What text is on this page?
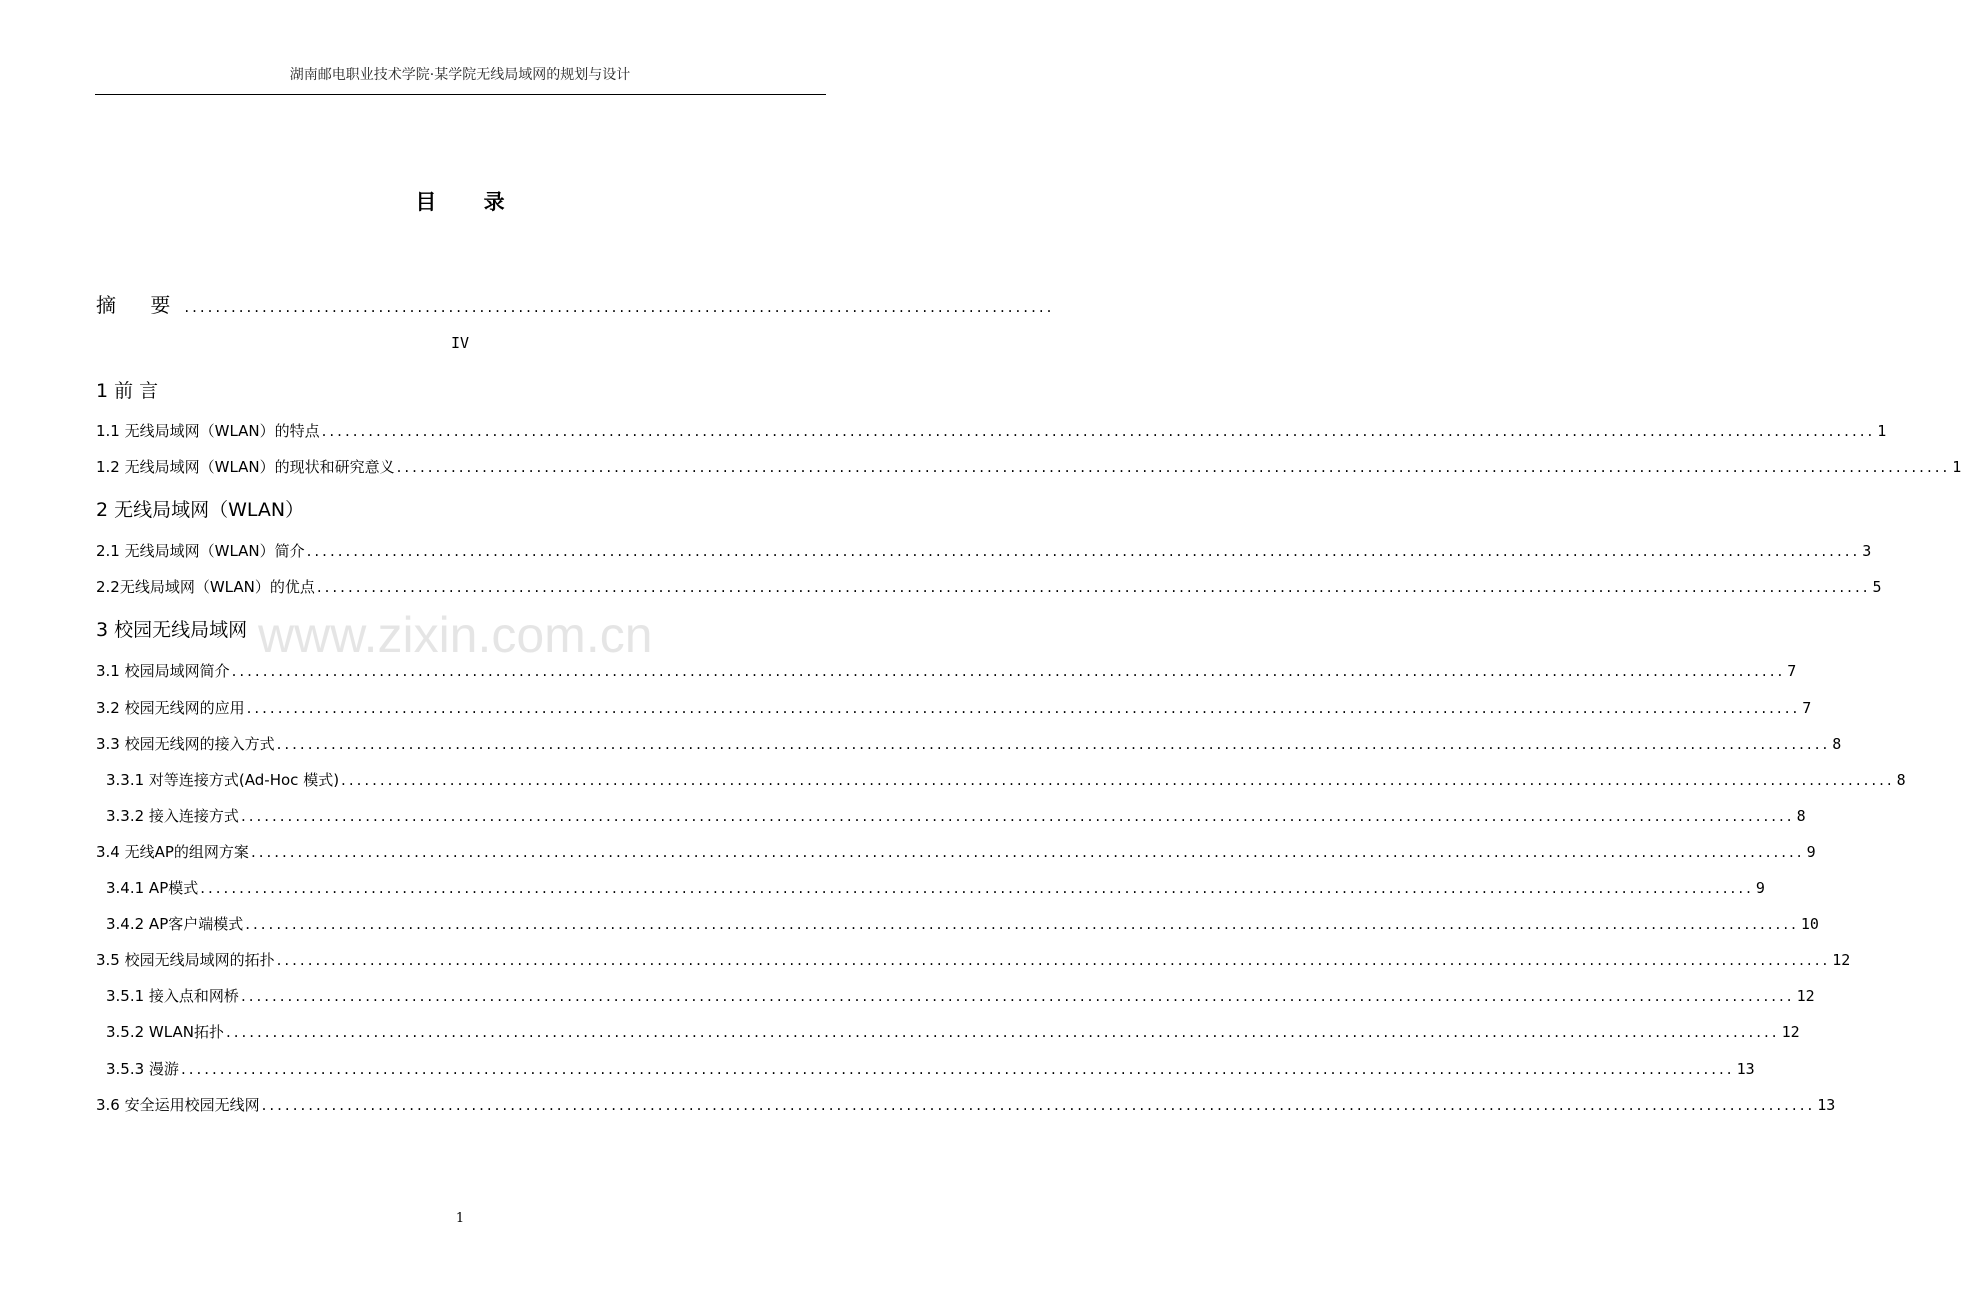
湖南邮电职业技术学院·某学院无线局域网的规划与设计
目 录
摘 要 ................................................................................................................
IV
www.zixin.com.cn
1 前 言
1.1 无线局域网（WLAN）的特点 ........................................................................................................................................................................................................ 1
1.2 无线局域网（WLAN）的现状和研究意义 ........................................................................................................................................................................................................ 1
2 无线局域网（WLAN）
2.1 无线局域网（WLAN）简介 ........................................................................................................................................................................................................ 3
2.2无线局域网（WLAN）的优点 ........................................................................................................................................................................................................ 5
3 校园无线局域网
3.1 校园局域网简介 ........................................................................................................................................................................................................ 7
3.2 校园无线网的应用 ........................................................................................................................................................................................................ 7
3.3 校园无线网的接入方式 ........................................................................................................................................................................................................ 8
3.3.1 对等连接方式(Ad-Hoc 模式) ........................................................................................................................................................................................................ 8
3.3.2 接入连接方式 ........................................................................................................................................................................................................ 8
3.4 无线AP的组网方案 ........................................................................................................................................................................................................ 9
3.4.1 AP模式 ........................................................................................................................................................................................................ 9
3.4.2 AP客户端模式 ........................................................................................................................................................................................................ 10
3.5 校园无线局域网的拓扑 ........................................................................................................................................................................................................ 12
3.5.1 接入点和网桥 ........................................................................................................................................................................................................ 12
3.5.2 WLAN拓扑 ........................................................................................................................................................................................................ 12
3.5.3 漫游 ........................................................................................................................................................................................................ 13
3.6 安全运用校园无线网 ........................................................................................................................................................................................................ 13
1
